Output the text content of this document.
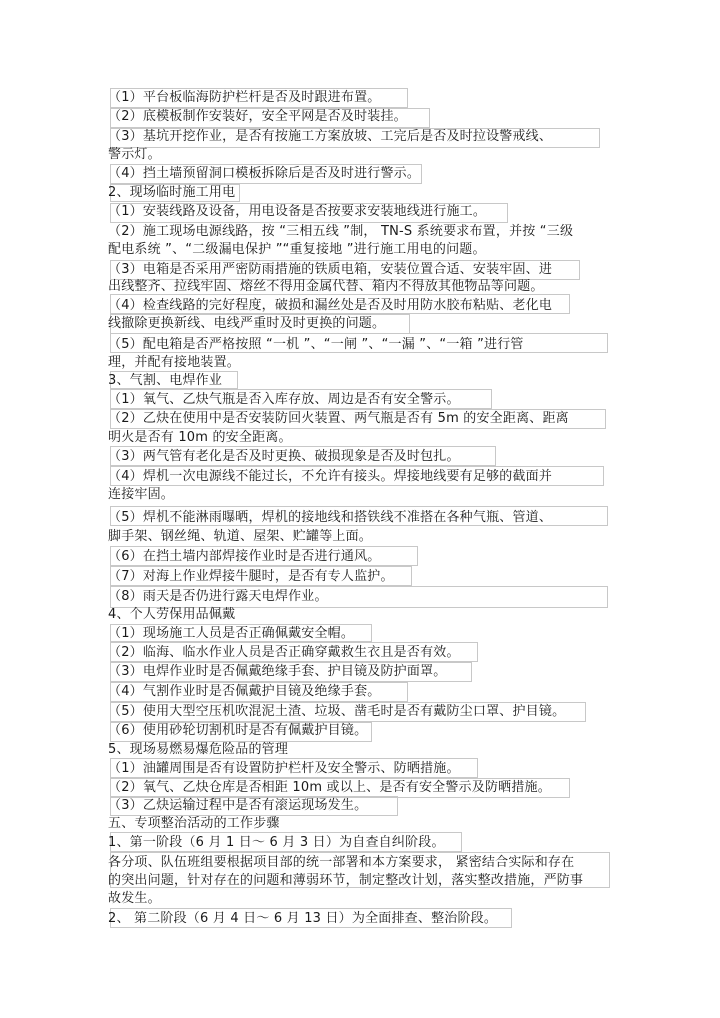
（1）平台板临海防护栏杆是否及时跟进布置。
（2）底模板制作安装好，安全平网是否及时装挂。
（3）基坑开挖作业，是否有按施工方案放坡、工完后是否及时拉设警戒线、
警示灯。
（4）挡土墙预留洞口模板拆除后是否及时进行警示。
2、现场临时施工用电
（1）安装线路及设备，用电设备是否按要求安装地线进行施工。
（2）施工现场电源线路，按 “三相五线 ”制， TN-S 系统要求布置，并按 “三级
配电系统 ”、“二级漏电保护 ”“重复接地 ”进行施工用电的问题。
（3）电箱是否采用严密防雨措施的铁质电箱，安装位置合适、安装牢固、进
出线整齐、拉线牢固、熔丝不得用金属代替、箱内不得放其他物品等问题。
（4）检查线路的完好程度，破损和漏丝处是否及时用防水胶布粘贴、老化电
线撤除更换新线、电线严重时及时更换的问题。
（5）配电箱是否严格按照 “一机 ”、“一闸 ”、“一漏 ”、“一箱 ”进行管
理，并配有接地装置。
3、气割、电焊作业
（1）氧气、乙炔气瓶是否入库存放、周边是否有安全警示。
（2）乙炔在使用中是否安装防回火装置、两气瓶是否有 5m 的安全距离、距离
明火是否有 10m 的安全距离。
（3）两气管有老化是否及时更换、破损现象是否及时包扎。
（4）焊机一次电源线不能过长，不允许有接头。焊接地线要有足够的截面并
连接牢固。
（5）焊机不能淋雨曝晒，焊机的接地线和搭铁线不准搭在各种气瓶、管道、
脚手架、钢丝绳、轨道、屋架、贮罐等上面。
（6）在挡土墙内部焊接作业时是否进行通风。
（7）对海上作业焊接牛腿时，是否有专人监护。
（8）雨天是否仍进行露天电焊作业。
4、个人劳保用品佩戴
（1）现场施工人员是否正确佩戴安全帽。
（2）临海、临水作业人员是否正确穿戴救生衣且是否有效。
（3）电焊作业时是否佩戴绝缘手套、护目镜及防护面罩。
（4）气割作业时是否佩戴护目镜及绝缘手套。
（5）使用大型空压机吹混泥土渣、垃圾、凿毛时是否有戴防尘口罩、护目镜。
（6）使用砂轮切割机时是否有佩戴护目镜。
5、现场易燃易爆危险品的管理
（1）油罐周围是否有设置防护栏杆及安全警示、防晒措施。
（2）氧气、乙炔仓库是否相距 10m 或以上、是否有安全警示及防晒措施。
（3）乙炔运输过程中是否有滚运现场发生。
五、专项整治活动的工作步骤
1、第一阶段（6 月 1 日～ 6 月 3 日）为自查自纠阶段。
各分项、队伍班组要根据项目部的统一部署和本方案要求， 紧密结合实际和存在
的突出问题，针对存在的问题和薄弱环节，制定整改计划，落实整改措施，严防事
故发生。
2、 第二阶段（6 月 4 日～ 6 月 13 日）为全面排查、整治阶段。
